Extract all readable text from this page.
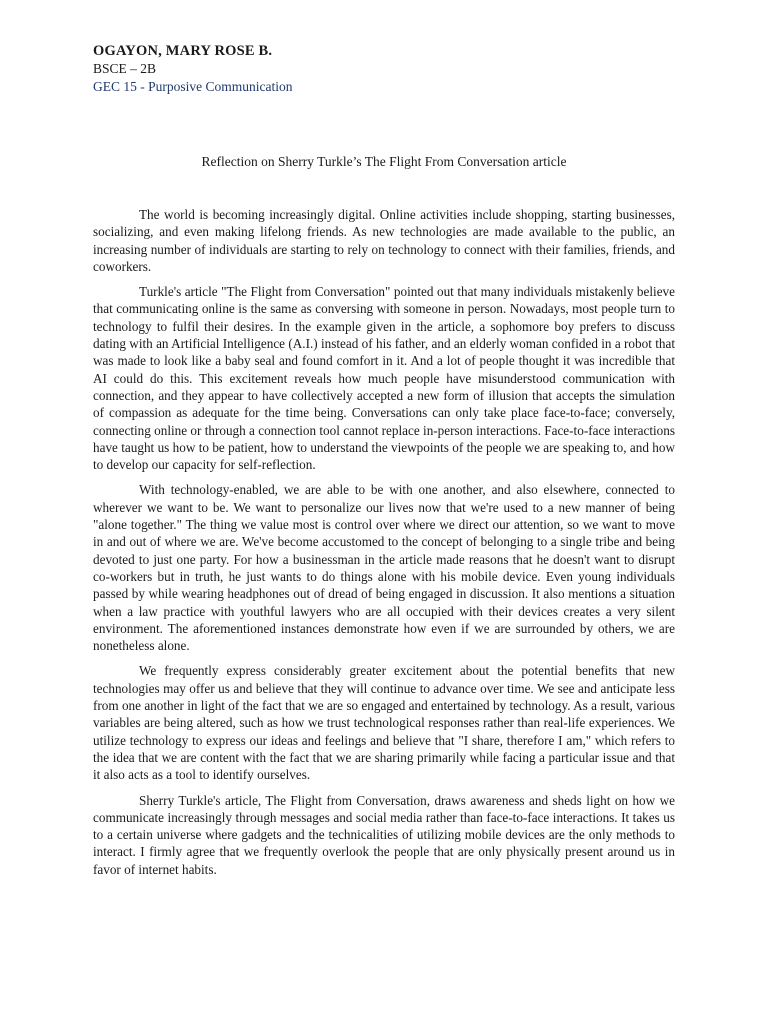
OGAYON, MARY ROSE B.
BSCE – 2B
GEC 15 - Purposive Communication
Reflection on Sherry Turkle’s The Flight From Conversation article

The world is becoming increasingly digital. Online activities include shopping, starting businesses, socializing, and even making lifelong friends. As new technologies are made available to the public, an increasing number of individuals are starting to rely on technology to connect with their families, friends, and coworkers.

Turkle's article "The Flight from Conversation" pointed out that many individuals mistakenly believe that communicating online is the same as conversing with someone in person. Nowadays, most people turn to technology to fulfil their desires. In the example given in the article, a sophomore boy prefers to discuss dating with an Artificial Intelligence (A.I.) instead of his father, and an elderly woman confided in a robot that was made to look like a baby seal and found comfort in it. And a lot of people thought it was incredible that AI could do this. This excitement reveals how much people have misunderstood communication with connection, and they appear to have collectively accepted a new form of illusion that accepts the simulation of compassion as adequate for the time being. Conversations can only take place face-to-face; conversely, connecting online or through a connection tool cannot replace in-person interactions. Face-to-face interactions have taught us how to be patient, how to understand the viewpoints of the people we are speaking to, and how to develop our capacity for self-reflection.

With technology-enabled, we are able to be with one another, and also elsewhere, connected to wherever we want to be. We want to personalize our lives now that we're used to a new manner of being "alone together." The thing we value most is control over where we direct our attention, so we want to move in and out of where we are. We've become accustomed to the concept of belonging to a single tribe and being devoted to just one party. For how a businessman in the article made reasons that he doesn't want to disrupt co-workers but in truth, he just wants to do things alone with his mobile device. Even young individuals passed by while wearing headphones out of dread of being engaged in discussion. It also mentions a situation when a law practice with youthful lawyers who are all occupied with their devices creates a very silent environment. The aforementioned instances demonstrate how even if we are surrounded by others, we are nonetheless alone.

We frequently express considerably greater excitement about the potential benefits that new technologies may offer us and believe that they will continue to advance over time. We see and anticipate less from one another in light of the fact that we are so engaged and entertained by technology. As a result, various variables are being altered, such as how we trust technological responses rather than real-life experiences. We utilize technology to express our ideas and feelings and believe that "I share, therefore I am," which refers to the idea that we are content with the fact that we are sharing primarily while facing a particular issue and that it also acts as a tool to identify ourselves.

Sherry Turkle's article, The Flight from Conversation, draws awareness and sheds light on how we communicate increasingly through messages and social media rather than face-to-face interactions. It takes us to a certain universe where gadgets and the technicalities of utilizing mobile devices are the only methods to interact. I firmly agree that we frequently overlook the people that are only physically present around us in favor of internet habits.
